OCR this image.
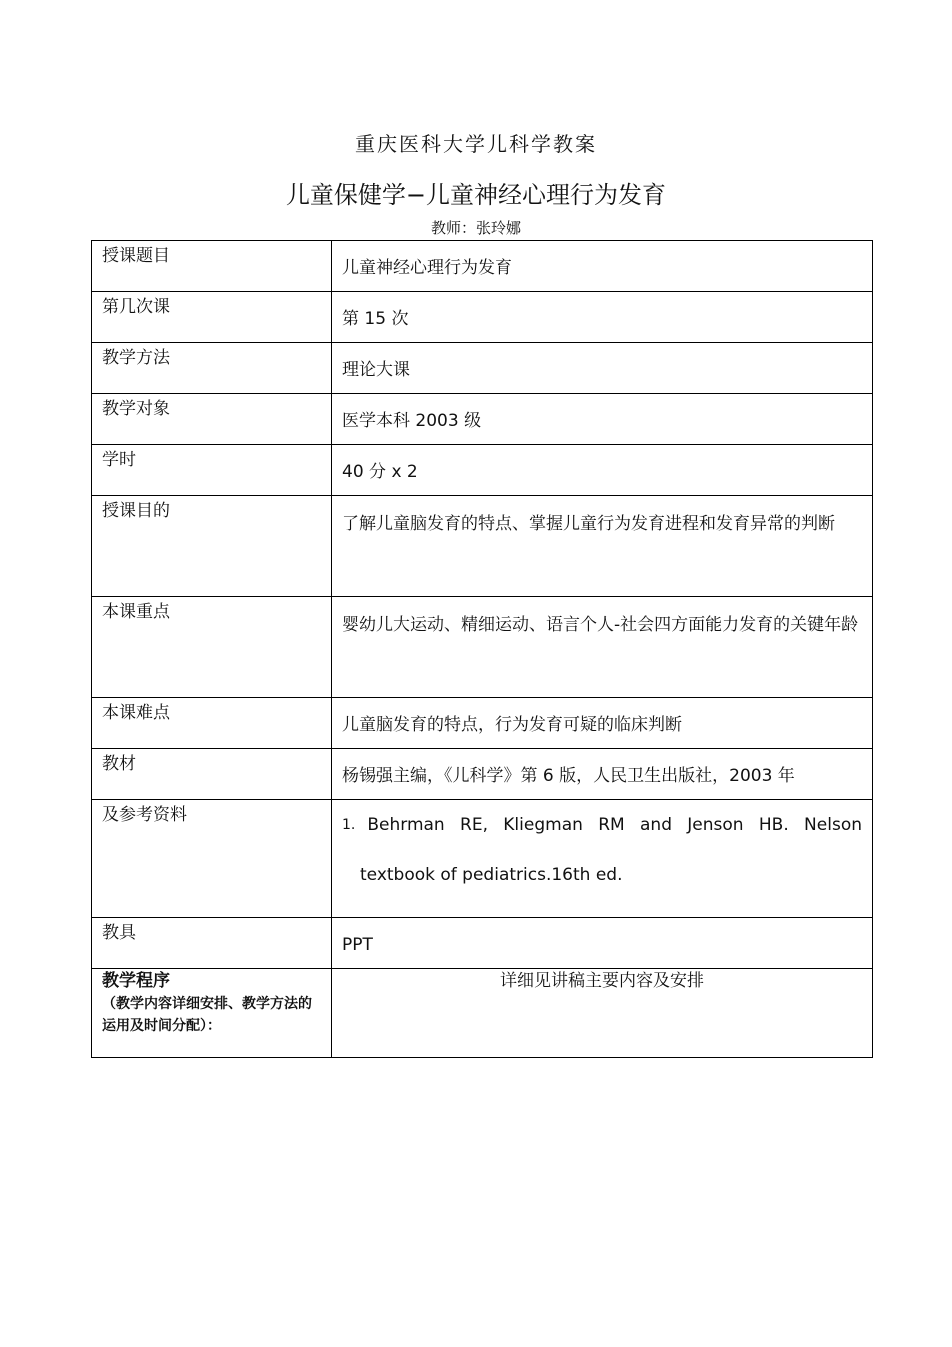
重庆医科大学儿科学教案
儿童保健学−儿童神经心理行为发育
教师：张玲娜
授课题目	儿童神经心理行为发育
第几次课	第 15 次
教学方法	理论大课
教学对象	医学本科 2003 级
学时	40 分 x 2
授课目的	了解儿童脑发育的特点、掌握儿童行为发育进程和发育异常的判断
本课重点	婴幼儿大运动、精细运动、语言个人-社会四方面能力发育的关键年龄
本课难点	儿童脑发育的特点，行为发育可疑的临床判断
教材	杨锡强主编，《儿科学》第 6 版，人民卫生出版社，2003 年
及参考资料	1. Behrman RE, Kliegman RM and Jenson HB. Nelson
textbook of pediatrics.16th ed.

教具	PPT

教学程序
（教学内容详细安排、教学方法的运用及时间分配）：	详细见讲稿主要内容及安排
